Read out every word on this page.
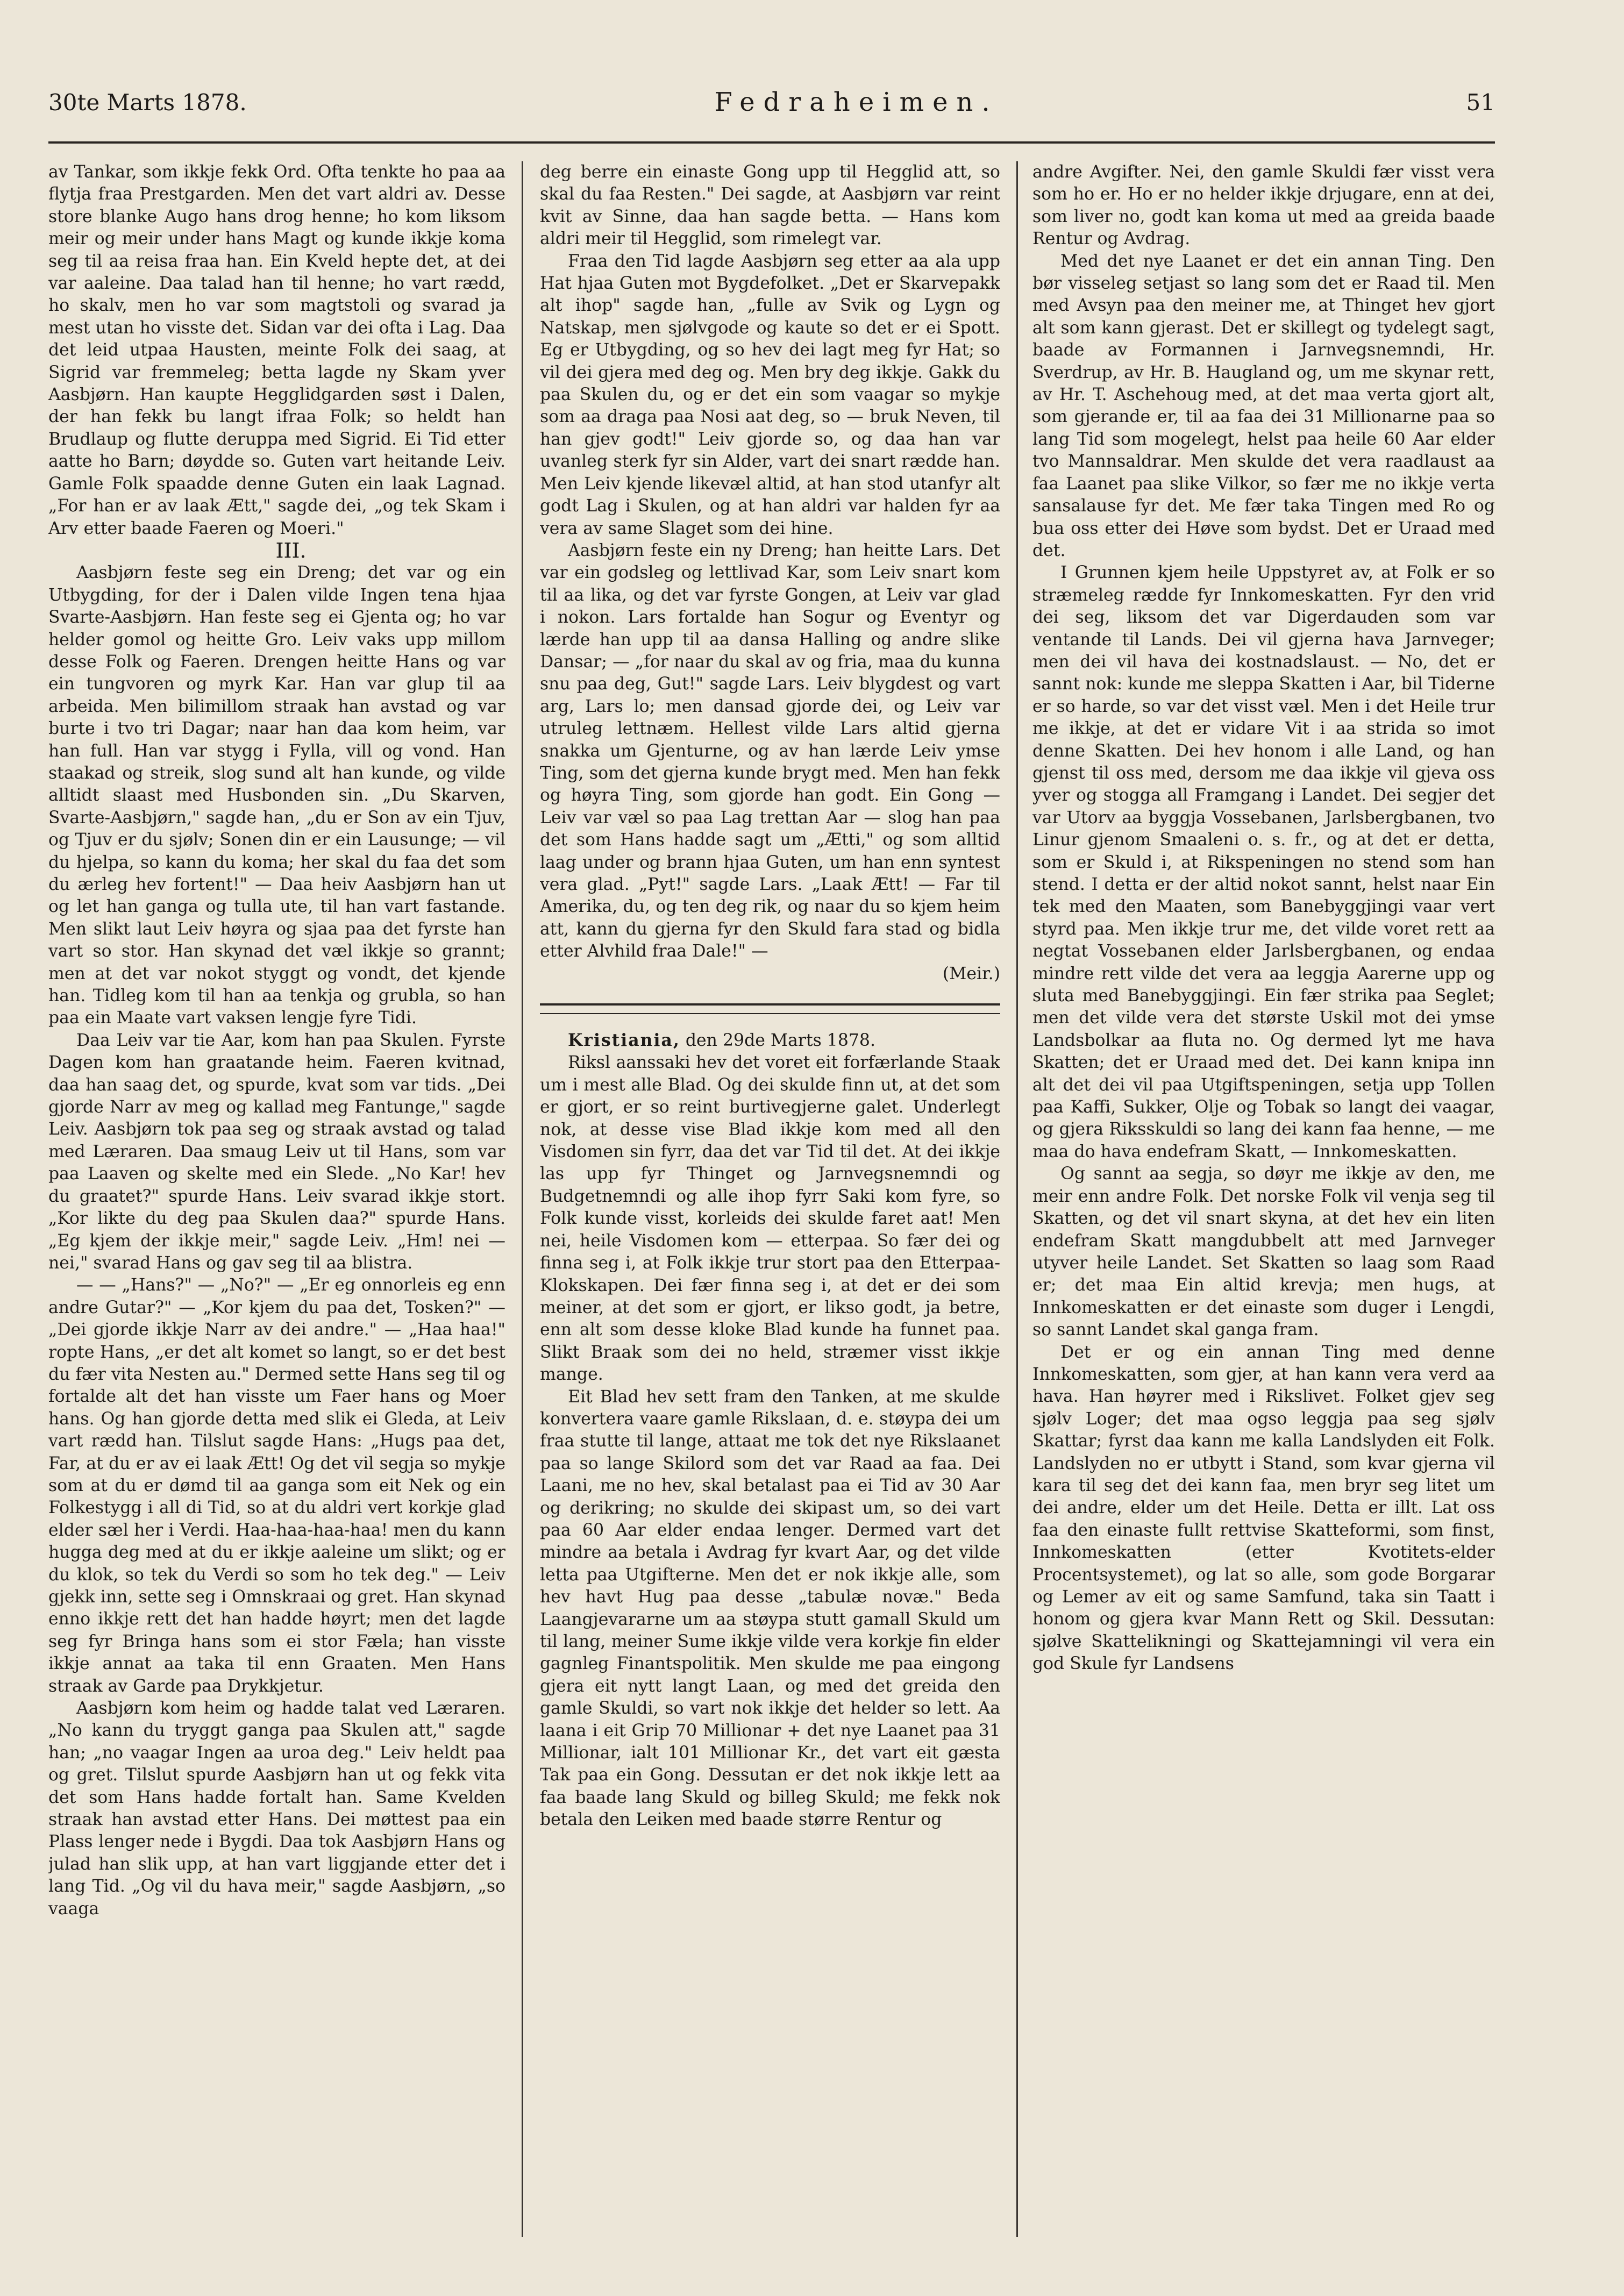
30te Marts 1878.	Fedraheimen.	51

av Tankar, som ikkje fekk Ord. Ofta tenkte ho paa aa flytja fraa Prestgarden. Men det vart aldri av. Desse store blanke Augo hans drog henne; ho kom liksom meir og meir under hans Magt og kunde ikkje koma seg til aa reisa fraa han. Ein Kveld hepte det, at dei var aaleine. Daa talad han til henne; ho vart rædd, ho skalv, men ho var som magtstoli og svarad ja mest utan ho visste det. Sidan var dei ofta i Lag. Daa det leid utpaa Hausten, meinte Folk dei saag, at Sigrid var fremmeleg; betta lagde ny Skam yver Aasbjørn. Han kaupte Hegglidgarden søst i Dalen, der han fekk bu langt ifraa Folk; so heldt han Brudlaup og flutte deruppa med Sigrid. Ei Tid etter aatte ho Barn; døydde so. Guten vart heitande Leiv. Gamle Folk spaadde denne Guten ein laak Lagnad. „For han er av laak Ætt," sagde dei, „og tek Skam i Arv etter baade Faeren og Moeri."

III.

Aasbjørn feste seg ein Dreng; det var og ein Utbygding, for der i Dalen vilde Ingen tena hjaa Svarte-Aasbjørn. Han feste seg ei Gjenta og; ho var helder gomol og heitte Gro. Leiv vaks upp millom desse Folk og Faeren. Drengen heitte Hans og var ein tungvoren og myrk Kar. Han var glup til aa arbeida. Men bilimillom straak han avstad og var burte i tvo tri Dagar; naar han daa kom heim, var han full. Han var stygg i Fylla, vill og vond. Han staakad og streik, slog sund alt han kunde, og vilde alltidt slaast med Husbonden sin. „Du Skarven, Svarte-Aasbjørn," sagde han, „du er Son av ein Tjuv, og Tjuv er du sjølv; Sonen din er ein Lausunge; — vil du hjelpa, so kann du koma; her skal du faa det som du ærleg hev fortent!" — Daa heiv Aasbjørn han ut og let han ganga og tulla ute, til han vart fastande. Men slikt laut Leiv høyra og sjaa paa det fyrste han vart so stor. Han skynad det væl ikkje so grannt; men at det var nokot styggt og vondt, det kjende han. Tidleg kom til han aa tenkja og grubla, so han paa ein Maate vart vaksen lengje fyre Tidi.

Daa Leiv var tie Aar, kom han paa Skulen. Fyrste Dagen kom han graatande heim. Faeren kvitnad, daa han saag det, og spurde, kvat som var tids. „Dei gjorde Narr av meg og kallad meg Fantunge," sagde Leiv. Aasbjørn tok paa seg og straak avstad og talad med Læraren. Daa smaug Leiv ut til Hans, som var paa Laaven og skelte med ein Slede. „No Kar! hev du graatet?" spurde Hans. Leiv svarad ikkje stort. „Kor likte du deg paa Skulen daa?" spurde Hans. „Eg kjem der ikkje meir," sagde Leiv. „Hm! nei — nei," svarad Hans og gav seg til aa blistra.

— — „Hans?" — „No?" — „Er eg onnorleis eg enn andre Gutar?" — „Kor kjem du paa det, Tosken?" — „Dei gjorde ikkje Narr av dei andre." — „Haa haa!" ropte Hans, „er det alt komet so langt, so er det best du fær vita Nesten au." Dermed sette Hans seg til og fortalde alt det han visste um Faer hans og Moer hans. Og han gjorde detta med slik ei Gleda, at Leiv vart rædd han. Tilslut sagde Hans: „Hugs paa det, Far, at du er av ei laak Ætt! Og det vil segja so mykje som at du er dømd til aa ganga som eit Nek og ein Folkestygg i all di Tid, so at du aldri vert korkje glad elder sæl her i Verdi. Haa-haa-haa-haa! men du kann hugga deg med at du er ikkje aaleine um slikt; og er du klok, so tek du Verdi so som ho tek deg." — Leiv gjekk inn, sette seg i Omnskraai og gret. Han skynad enno ikkje rett det han hadde høyrt; men det lagde seg fyr Bringa hans som ei stor Fæla; han visste ikkje annat aa taka til enn Graaten. Men Hans straak av Garde paa Drykkjetur.

Aasbjørn kom heim og hadde talat ved Læraren. „No kann du tryggt ganga paa Skulen att," sagde han; „no vaagar Ingen aa uroa deg." Leiv heldt paa og gret. Tilslut spurde Aasbjørn han ut og fekk vita det som Hans hadde fortalt han. Same Kvelden straak han avstad etter Hans. Dei møttest paa ein Plass lenger nede i Bygdi. Daa tok Aasbjørn Hans og julad han slik upp, at han vart liggjande etter det i lang Tid. „Og vil du hava meir," sagde Aasbjørn, „so vaaga

deg berre ein einaste Gong upp til Hegglid att, so skal du faa Resten." Dei sagde, at Aasbjørn var reint kvit av Sinne, daa han sagde betta. — Hans kom aldri meir til Hegglid, som rimelegt var.

Fraa den Tid lagde Aasbjørn seg etter aa ala upp Hat hjaa Guten mot Bygdefolket. „Det er Skarvepakk alt ihop" sagde han, „fulle av Svik og Lygn og Natskap, men sjølvgode og kaute so det er ei Spott. Eg er Utbygding, og so hev dei lagt meg fyr Hat; so vil dei gjera med deg og. Men bry deg ikkje. Gakk du paa Skulen du, og er det ein som vaagar so mykje som aa draga paa Nosi aat deg, so — bruk Neven, til han gjev godt!" Leiv gjorde so, og daa han var uvanleg sterk fyr sin Alder, vart dei snart rædde han. Men Leiv kjende likevæl altid, at han stod utanfyr alt godt Lag i Skulen, og at han aldri var halden fyr aa vera av same Slaget som dei hine.

Aasbjørn feste ein ny Dreng; han heitte Lars. Det var ein godsleg og lettlivad Kar, som Leiv snart kom til aa lika, og det var fyrste Gongen, at Leiv var glad i nokon. Lars fortalde han Sogur og Eventyr og lærde han upp til aa dansa Halling og andre slike Dansar; — „for naar du skal av og fria, maa du kunna snu paa deg, Gut!" sagde Lars. Leiv blygdest og vart arg, Lars lo; men dansad gjorde dei, og Leiv var utruleg lettnæm. Hellest vilde Lars altid gjerna snakka um Gjenturne, og av han lærde Leiv ymse Ting, som det gjerna kunde brygt med. Men han fekk og høyra Ting, som gjorde han godt. Ein Gong — Leiv var væl so paa Lag trettan Aar — slog han paa det som Hans hadde sagt um „Ætti," og som alltid laag under og brann hjaa Guten, um han enn syntest vera glad. „Pyt!" sagde Lars. „Laak Ætt! — Far til Amerika, du, og ten deg rik, og naar du so kjem heim att, kann du gjerna fyr den Skuld fara stad og bidla etter Alvhild fraa Dale!" —

(Meir.)

Kristiania, den 29de Marts 1878.

Riksl aanssaki hev det voret eit forfærlande Staak um i mest alle Blad. Og dei skulde finn ut, at det som er gjort, er so reint burtivegjerne galet. Underlegt nok, at desse vise Blad ikkje kom med all den Visdomen sin fyrr, daa det var Tid til det. At dei ikkje las upp fyr Thinget og Jarnvegsnemndi og Budgetnemndi og alle ihop fyrr Saki kom fyre, so Folk kunde visst, korleids dei skulde faret aat! Men nei, heile Visdomen kom — etterpaa. So fær dei og finna seg i, at Folk ikkje trur stort paa den Etterpaa-Klokskapen. Dei fær finna seg i, at det er dei som meiner, at det som er gjort, er likso godt, ja betre, enn alt som desse kloke Blad kunde ha funnet paa. Slikt Braak som dei no held, stræmer visst ikkje mange.

Eit Blad hev sett fram den Tanken, at me skulde konvertera vaare gamle Rikslaan, d. e. støypa dei um fraa stutte til lange, attaat me tok det nye Rikslaanet paa so lange Skilord som det var Raad aa faa. Dei Laani, me no hev, skal betalast paa ei Tid av 30 Aar og derikring; no skulde dei skipast um, so dei vart paa 60 Aar elder endaa lenger. Dermed vart det mindre aa betala i Avdrag fyr kvart Aar, og det vilde letta paa Utgifterne. Men det er nok ikkje alle, som hev havt Hug paa desse „tabulæ novæ." Beda Laangjevararne um aa støypa stutt gamall Skuld um til lang, meiner Sume ikkje vilde vera korkje fin elder gagnleg Finantspolitik. Men skulde me paa eingong gjera eit nytt langt Laan, og med det greida den gamle Skuldi, so vart nok ikkje det helder so lett. Aa laana i eit Grip 70 Millionar + det nye Laanet paa 31 Millionar, ialt 101 Millionar Kr., det vart eit gæsta Tak paa ein Gong. Dessutan er det nok ikkje lett aa faa baade lang Skuld og billeg Skuld; me fekk nok betala den Leiken med baade større Rentur og

andre Avgifter. Nei, den gamle Skuldi fær visst vera som ho er. Ho er no helder ikkje drjugare, enn at dei, som liver no, godt kan koma ut med aa greida baade Rentur og Avdrag.

Med det nye Laanet er det ein annan Ting. Den bør visseleg setjast so lang som det er Raad til. Men med Avsyn paa den meiner me, at Thinget hev gjort alt som kann gjerast. Det er skillegt og tydelegt sagt, baade av Formannen i Jarnvegsnemndi, Hr. Sverdrup, av Hr. B. Haugland og, um me skynar rett, av Hr. T. Aschehoug med, at det maa verta gjort alt, som gjerande er, til aa faa dei 31 Millionarne paa so lang Tid som mogelegt, helst paa heile 60 Aar elder tvo Mannsaldrar. Men skulde det vera raadlaust aa faa Laanet paa slike Vilkor, so fær me no ikkje verta sansalause fyr det. Me fær taka Tingen med Ro og bua oss etter dei Høve som bydst. Det er Uraad med det.

I Grunnen kjem heile Uppstyret av, at Folk er so stræmeleg rædde fyr Innkomeskatten. Fyr den vrid dei seg, liksom det var Digerdauden som var ventande til Lands. Dei vil gjerna hava Jarnveger; men dei vil hava dei kostnadslaust. — No, det er sannt nok: kunde me sleppa Skatten i Aar, bil Tiderne er so harde, so var det visst væl. Men i det Heile trur me ikkje, at det er vidare Vit i aa strida so imot denne Skatten. Dei hev honom i alle Land, og han gjenst til oss med, dersom me daa ikkje vil gjeva oss yver og stogga all Framgang i Landet. Dei segjer det var Utorv aa byggja Vossebanen, Jarlsbergbanen, tvo Linur gjenom Smaaleni o. s. fr., og at det er detta, som er Skuld i, at Rikspeningen no stend som han stend. I detta er der altid nokot sannt, helst naar Ein tek med den Maaten, som Banebyggjingi vaar vert styrd paa. Men ikkje trur me, det vilde voret rett aa negtat Vossebanen elder Jarlsbergbanen, og endaa mindre rett vilde det vera aa leggja Aarerne upp og sluta med Banebyggjingi. Ein fær strika paa Seglet; men det vilde vera det største Uskil mot dei ymse Landsbolkar aa fluta no. Og dermed lyt me hava Skatten; det er Uraad med det. Dei kann knipa inn alt det dei vil paa Utgiftspeningen, setja upp Tollen paa Kaffi, Sukker, Olje og Tobak so langt dei vaagar, og gjera Riksskuldi so lang dei kann faa henne, — me maa do hava endefram Skatt, — Innkomeskatten.

Og sannt aa segja, so døyr me ikkje av den, me meir enn andre Folk. Det norske Folk vil venja seg til Skatten, og det vil snart skyna, at det hev ein liten endefram Skatt mangdubbelt att med Jarnveger utyver heile Landet. Set Skatten so laag som Raad er; det maa Ein altid krevja; men hugs, at Innkomeskatten er det einaste som duger i Lengdi, so sannt Landet skal ganga fram.

Det er og ein annan Ting med denne Innkomeskatten, som gjer, at han kann vera verd aa hava. Han høyrer med i Rikslivet. Folket gjev seg sjølv Loger; det maa ogso leggja paa seg sjølv Skattar; fyrst daa kann me kalla Landslyden eit Folk. Landslyden no er utbytt i Stand, som kvar gjerna vil kara til seg det dei kann faa, men bryr seg litet um dei andre, elder um det Heile. Detta er illt. Lat oss faa den einaste fullt rettvise Skatteformi, som finst, Innkomeskatten (etter Kvotitets-elder Procentsystemet), og lat so alle, som gode Borgarar og Lemer av eit og same Samfund, taka sin Taatt i honom og gjera kvar Mann Rett og Skil. Dessutan: sjølve Skattelikningi og Skattejamningi vil vera ein god Skule fyr Landsens
